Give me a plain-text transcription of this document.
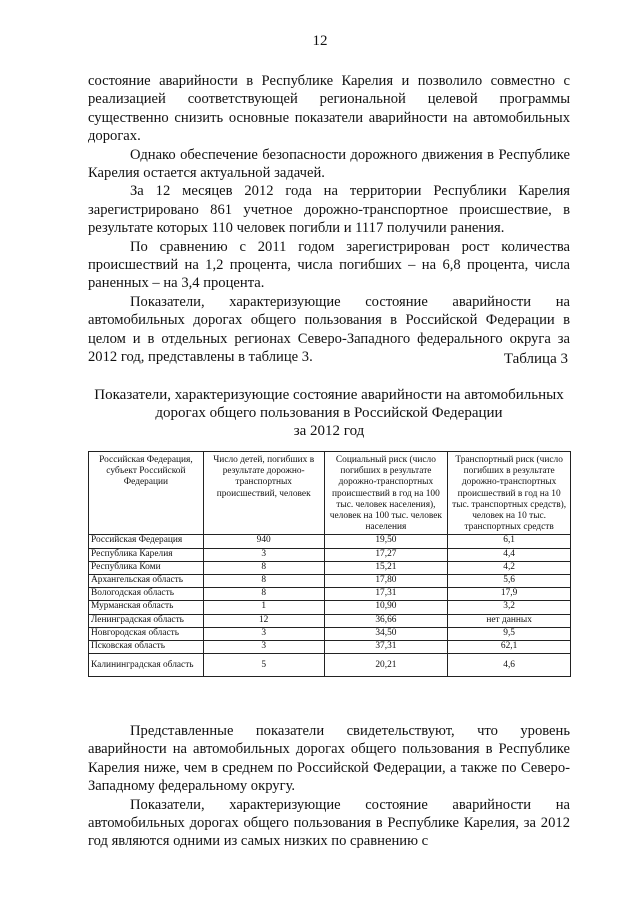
12

состояние аварийности в Республике Карелия и позволило совместно с реализацией соответствующей региональной целевой программы существенно снизить основные показатели аварийности на автомобильных дорогах.

Однако обеспечение безопасности дорожного движения в Республике Карелия остается актуальной задачей.

За 12 месяцев 2012 года на территории Республики Карелия зарегистрировано 861 учетное дорожно-транспортное происшествие, в результате которых 110 человек погибли и 1117 получили ранения.

По сравнению с 2011 годом зарегистрирован рост количества происшествий на 1,2 процента, числа погибших – на 6,8 процента, числа раненных – на 3,4 процента.

Показатели, характеризующие состояние аварийности на автомобильных дорогах общего пользования в Российской Федерации в целом и в отдельных регионах Северо-Западного федерального округа за 2012 год, представлены в таблице 3.	Таблица 3
Показатели, характеризующие состояние аварийности на автомобильных
дорогах общего пользования в Российской Федерации
за 2012 год
Российская Федерация, субъект Российской Федерации	Число детей, погибших в результате дорожно-транспортных происшествий, человек	Социальный риск (число погибших в результате дорожно-транспортных происшествий в год на 100 тыс. человек населения), человек на 100 тыс. человек населения	Транспортный риск (число погибших в результате дорожно-транспортных происшествий в год на 10 тыс. транспортных средств), человек на 10 тыс. транспортных средств
Российская Федерация	940	19,50	6,1
Республика Карелия	3	17,27	4,4
Республика Коми	8	15,21	4,2
Архангельская область	8	17,80	5,6
Вологодская область	8	17,31	17,9
Мурманская область	1	10,90	3,2
Ленинградская область	12	36,66	нет данных
Новгородская область	3	34,50	9,5
Псковская область	3	37,31	62,1
Калининградская область	5	20,21	4,6

Представленные показатели свидетельствуют, что уровень аварийности на автомобильных дорогах общего пользования в Республике Карелия ниже, чем в среднем по Российской Федерации, а также по Северо-Западному федеральному округу.

Показатели, характеризующие состояние аварийности на автомобильных дорогах общего пользования в Республике Карелия, за 2012 год являются одними из самых низких по сравнению с
